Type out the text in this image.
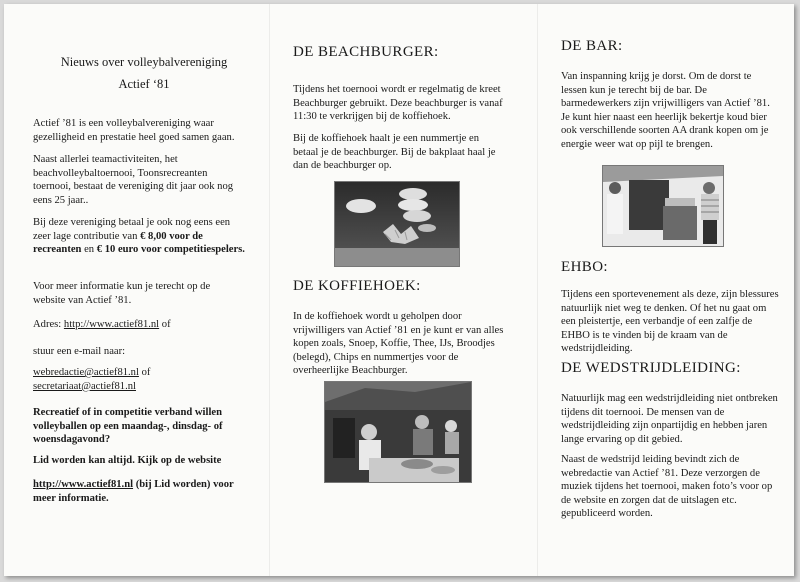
Nieuws over volleybalvereniging
Actief ‘81
Actief ’81 is een volleybalvereniging waar gezelligheid en prestatie heel goed samen gaan.
Naast allerlei teamactiviteiten, het beachvolleybaltoernooi, Toonsrecreanten toernooi, bestaat de vereniging dit jaar ook nog eens 25 jaar..
Bij deze vereniging betaal je ook nog eens een zeer lage contributie van € 8,00 voor de recreanten en € 10 euro voor competitiespelers.
Voor meer informatie kun je terecht op de website van Actief ’81.
Adres: http://www.actief81.nl of
stuur een e-mail naar:
webredactie@actief81.nl of
secretariaat@actief81.nl
Recreatief of in competitie verband willen volleyballen op een maandag-, dinsdag- of woensdagavond?
Lid worden kan altijd. Kijk op de website
http://www.actief81.nl (bij Lid worden) voor meer informatie.
DE BEACHBURGER:
Tijdens het toernooi wordt er regelmatig de kreet Beachburger gebruikt. Deze beachburger is vanaf 11:30 te verkrijgen bij de koffiehoek.
Bij de koffiehoek haalt je een nummertje en betaal je de beachburger. Bij de bakplaat haal je dan de beachburger op.
DE KOFFIEHOEK:
In de koffiehoek wordt u geholpen door vrijwilligers van Actief ’81 en je kunt er van alles kopen zoals, Snoep, Koffie, Thee, IJs, Broodjes (belegd), Chips en nummertjes voor de overheerlijke Beachburger.
DE BAR:
Van inspanning krijg je dorst. Om de dorst te lessen kun je terecht bij de bar. De barmedewerkers zijn vrijwilligers van Actief ’81. Je kunt hier naast een heerlijk bekertje koud bier ook verschillende soorten AA drank kopen om je energie weer wat op pijl te brengen.
EHBO:
Tijdens een sportevenement als deze, zijn blessures natuurlijk niet weg te denken. Of het nu gaat om een pleistertje, een verbandje of een zalfje de EHBO is te vinden bij de kraam van de wedstrijdleiding.
DE WEDSTRIJDLEIDING:
Natuurlijk mag een wedstrijdleiding niet ontbreken tijdens dit toernooi. De mensen van de wedstrijdleiding zijn onpartijdig en hebben jaren lange ervaring op dit gebied.
Naast de wedstrijd leiding bevindt zich de webredactie van Actief ’81. Deze verzorgen de muziek tijdens het toernooi, maken foto’s voor op de website en zorgen dat de uitslagen etc. gepubliceerd worden.
